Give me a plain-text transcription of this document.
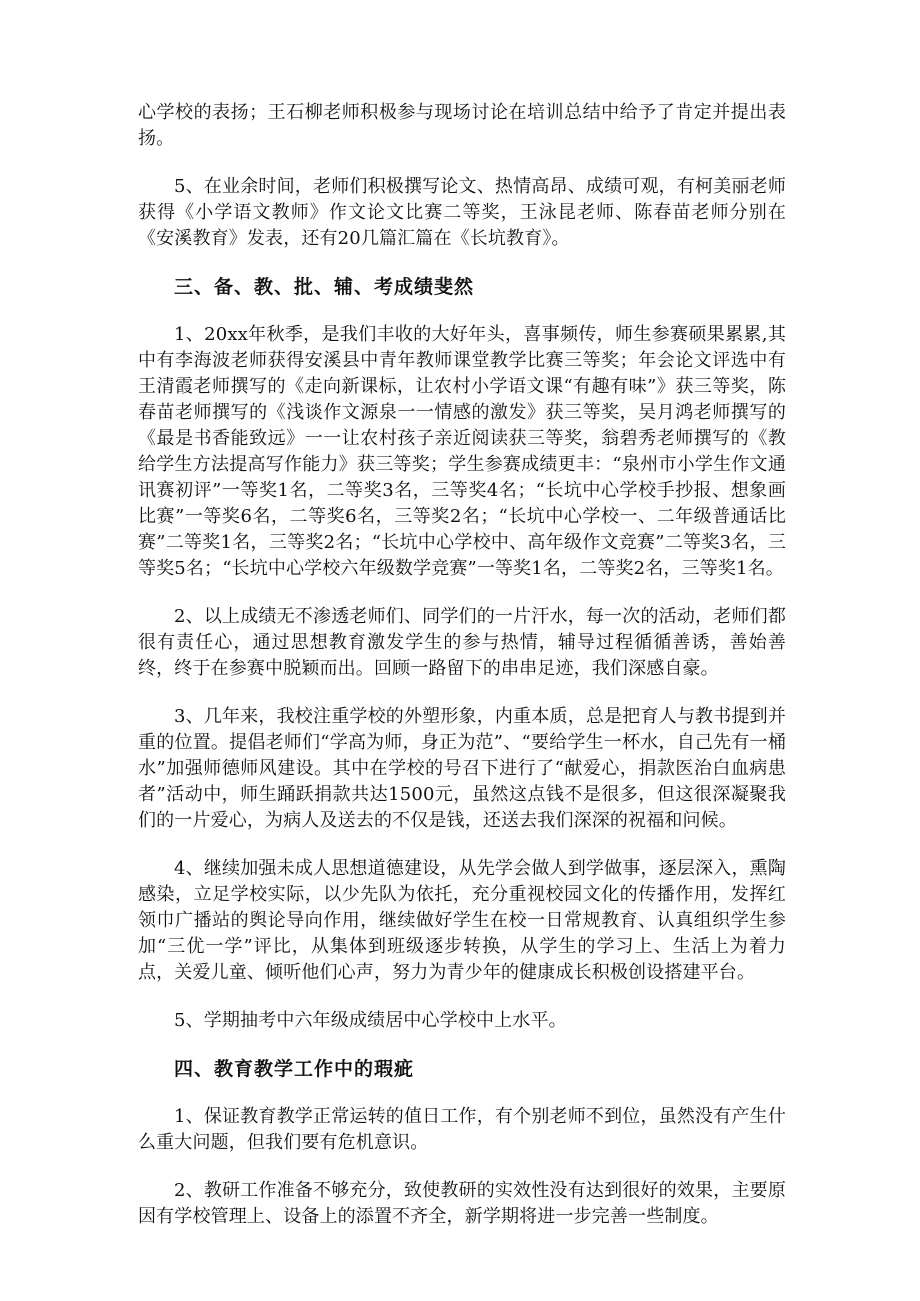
心学校的表扬；王石柳老师积极参与现场讨论在培训总结中给予了肯定并提出表扬。

5、在业余时间，老师们积极撰写论文、热情高昂、成绩可观，有柯美丽老师获得《小学语文教师》作文论文比赛二等奖，王泳昆老师、陈春苗老师分别在《安溪教育》发表，还有20几篇汇篇在《长坑教育》。

三、备、教、批、辅、考成绩斐然

1、20xx年秋季，是我们丰收的大好年头，喜事频传，师生参赛硕果累累,其中有李海波老师获得安溪县中青年教师课堂教学比赛三等奖；年会论文评选中有王清霞老师撰写的《走向新课标，让农村小学语文课“有趣有味”》获三等奖，陈春苗老师撰写的《浅谈作文源泉一一情感的激发》获三等奖，吴月鸿老师撰写的《最是书香能致远》一一让农村孩子亲近阅读获三等奖，翁碧秀老师撰写的《教给学生方法提高写作能力》获三等奖；学生参赛成绩更丰：“泉州市小学生作文通讯赛初评”一等奖1名，二等奖3名，三等奖4名；“长坑中心学校手抄报、想象画比赛”一等奖6名，二等奖6名，三等奖2名；“长坑中心学校一、二年级普通话比赛”二等奖1名，三等奖2名；“长坑中心学校中、高年级作文竞赛”二等奖3名，三等奖5名；“长坑中心学校六年级数学竞赛”一等奖1名，二等奖2名，三等奖1名。

2、以上成绩无不渗透老师们、同学们的一片汗水，每一次的活动，老师们都很有责任心，通过思想教育激发学生的参与热情，辅导过程循循善诱，善始善终，终于在参赛中脱颖而出。回顾一路留下的串串足迹，我们深感自豪。

3、几年来，我校注重学校的外塑形象，内重本质，总是把育人与教书提到并重的位置。提倡老师们“学高为师，身正为范”、“要给学生一杯水，自己先有一桶水”加强师德师风建设。其中在学校的号召下进行了“献爱心，捐款医治白血病患者”活动中，师生踊跃捐款共达1500元，虽然这点钱不是很多，但这很深凝聚我们的一片爱心，为病人及送去的不仅是钱，还送去我们深深的祝福和问候。

4、继续加强未成人思想道德建设，从先学会做人到学做事，逐层深入，熏陶感染，立足学校实际，以少先队为依托，充分重视校园文化的传播作用，发挥红领巾广播站的舆论导向作用，继续做好学生在校一日常规教育、认真组织学生参加“三优一学”评比，从集体到班级逐步转换，从学生的学习上、生活上为着力点，关爱儿童、倾听他们心声，努力为青少年的健康成长积极创设搭建平台。

5、学期抽考中六年级成绩居中心学校中上水平。

四、教育教学工作中的瑕疵

1、保证教育教学正常运转的值日工作，有个别老师不到位，虽然没有产生什么重大问题，但我们要有危机意识。

2、教研工作准备不够充分，致使教研的实效性没有达到很好的效果，主要原因有学校管理上、设备上的添置不齐全，新学期将进一步完善一些制度。
